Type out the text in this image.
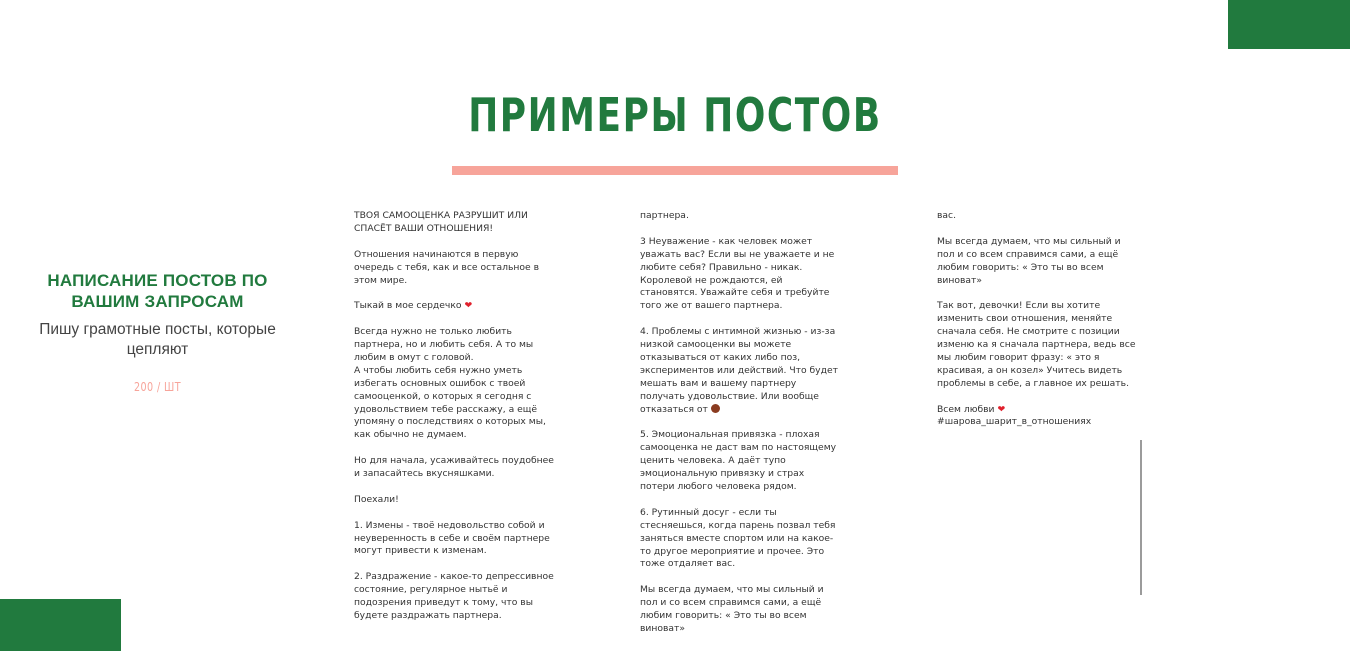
ПРИМЕРЫ ПОСТОВ
НАПИСАНИЕ ПОСТОВ ПО ВАШИМ ЗАПРОСАМ

Пишу грамотные посты, которые цепляют

200 / ШТ

ТВОЯ САМООЦЕНКА РАЗРУШИТ ИЛИ СПАСЁТ ВАШИ ОТНОШЕНИЯ!

Отношения начинаются в первую очередь с тебя, как и все остальное в этом мире.

Тыкай в мое сердечко ❤

Всегда нужно не только любить партнера, но и любить себя. А то мы любим в омут с головой.

А чтобы любить себя нужно уметь избегать основных ошибок с твоей самооценкой, о которых я сегодня с удовольствием тебе расскажу, а ещё упомяну о последствиях о которых мы, как обычно не думаем.

Но для начала, усаживайтесь поудобнее и запасайтесь вкусняшками.

Поехали!

1. Измены - твоё недовольство собой и неуверенность в себе и своём партнере могут привести к изменам.

2. Раздражение - какое-то депрессивное состояние, регулярное нытьё и подозрения приведут к тому, что вы будете раздражать партнера.

партнера.

3 Неуважение - как человек может уважать вас? Если вы не уважаете и не любите себя? Правильно - никак. Королевой не рождаются, ей становятся. Уважайте себя и требуйте того же от вашего партнера.

4. Проблемы с интимной жизнью - из-за низкой самооценки вы можете отказываться от каких либо поз, экспериментов или действий. Что будет мешать вам и вашему партнеру получать удовольствие. Или вообще отказаться от

5. Эмоциональная привязка - плохая самооценка не даст вам по настоящему ценить человека. А даёт тупо эмоциональную привязку и страх потери любого человека рядом.

6. Рутинный досуг - если ты стесняешься, когда парень позвал тебя заняться вместе спортом или на какое-то другое мероприятие и прочее. Это тоже отдаляет вас.

Мы всегда думаем, что мы сильный и пол и со всем справимся сами, а ещё любим говорить: « Это ты во всем виноват»

вас.

Мы всегда думаем, что мы сильный и пол и со всем справимся сами, а ещё любим говорить: « Это ты во всем виноват»

Так вот, девочки! Если вы хотите изменить свои отношения, меняйте сначала себя. Не смотрите с позиции изменю ка я сначала партнера, ведь все мы любим говорит фразу: « это я красивая, а он козел» Учитесь видеть проблемы в себе, а главное их решать.

Всем любви ❤

#шарова_шарит_в_отношениях
